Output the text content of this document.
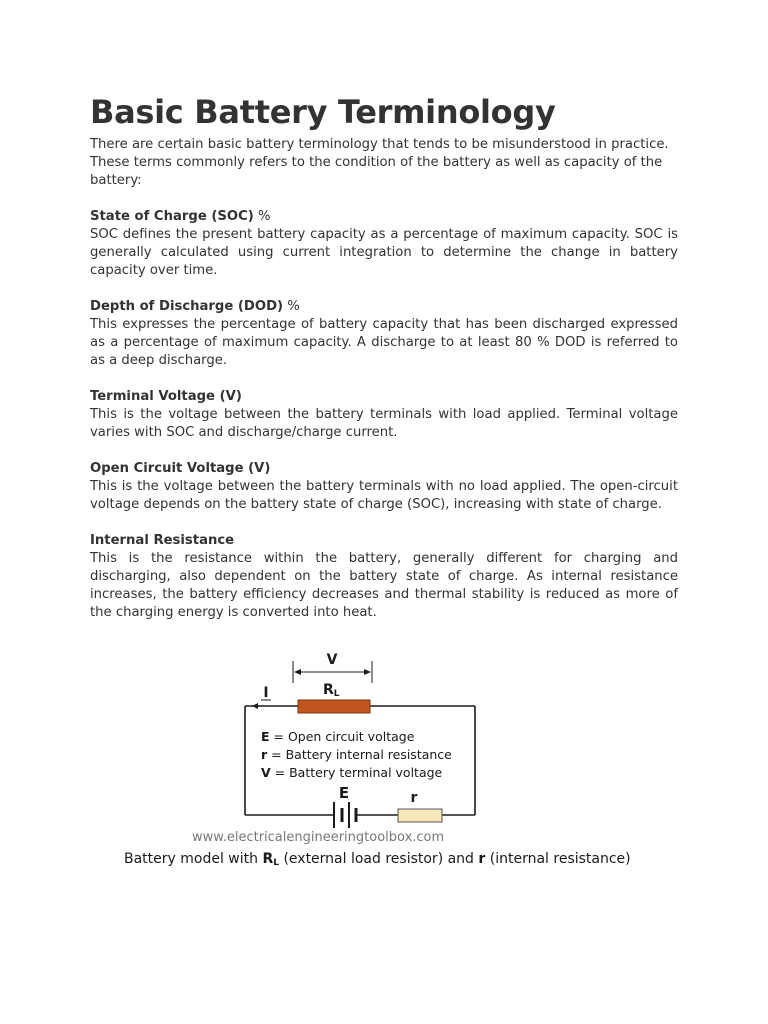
Basic Battery Terminology

There are certain basic battery terminology that tends to be misunderstood in practice. These terms commonly refers to the condition of the battery as well as capacity of the battery:

State of Charge (SOC) %

SOC defines the present battery capacity as a percentage of maximum capacity. SOC is generally calculated using current integration to determine the change in battery capacity over time.

Depth of Discharge (DOD) %

This expresses the percentage of battery capacity that has been discharged expressed as a percentage of maximum capacity. A discharge to at least 80 % DOD is referred to as a deep discharge.

Terminal Voltage (V)

This is the voltage between the battery terminals with load applied. Terminal voltage varies with SOC and discharge/charge current.

Open Circuit Voltage (V)

This is the voltage between the battery terminals with no load applied. The open-circuit voltage depends on the battery state of charge (SOC), increasing with state of charge.

Internal Resistance

This is the resistance within the battery, generally different for charging and discharging, also dependent on the battery state of charge. As internal resistance increases, the battery efficiency decreases and thermal stability is reduced as more of the charging energy is converted into heat.

V
I	RL
E	r
E = Open circuit voltage
r = Battery internal resistance
V = Battery terminal voltage
www.electricalengineeringtoolbox.com
Battery model with RL (external load resistor) and r (internal resistance)
